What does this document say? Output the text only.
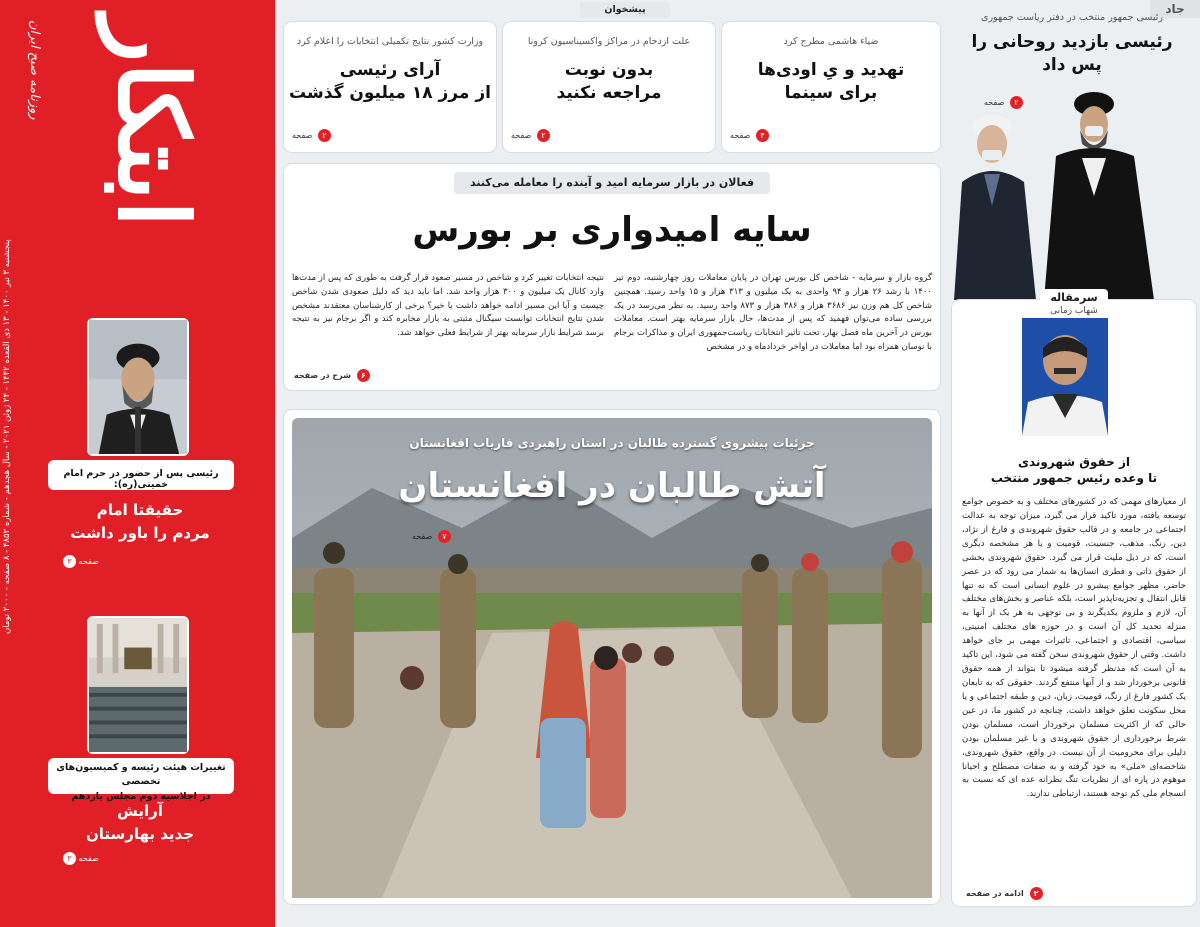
روزنامه صبح ایران ابتکار
پنجشنبه ۳ تیر ۱۴۰۰ - ۱۳ ذی القعده ۱۴۴۲ - ۲۴ ژوئن ۲۰۲۱ - سال هجدهم - شماره ۴۸۵۲ - ۸ صفحه - ۲۰۰۰ تومان
رئیسی پس از حضور در حرم امام خمینی(ره):
حقیقتا امام
مردم را باور داشت
صفحه ۲
تغییرات هیئت رئیسه و کمیسیون‌های تخصصی
در اجلاسیه دوم مجلس یازدهم
آرایش
جدید بهارستان
صفحه ۲
جاد
پیشخوان
وزارت کشور نتایج تکمیلی انتخابات را اعلام کرد
آرای رئیسی
از مرز ۱۸ میلیون گذشت
۲ صفحه
علت ازدحام در مراکز واکسیناسیون کرونا
بدون نوبت
مراجعه نکنید
۲ صفحه
ضیاء هاشمی مطرح کرد
تهدید و یِ اودی‌ها
برای سینما
۴ صفحه
رئیسی جمهور منتخب در دفتر ریاست جمهوری
رئیسی بازدید روحانی را
پس داد
۲ صفحه
فعالان در بازار سرمایه امید و آینده را معامله می‌کنند
سایه امیدواری بر بورس
گروه بازار و سرمایه - شاخص کل بورس تهران در پایان معاملات روز چهارشنبه، دوم تیر ۱۴۰۰ با رشد ۲۶ هزار و ۹۴ واحدی به یک میلیون و ۳۱۳ هزار و ۱۵ واحد رسید. همچنین شاخص کل هم وزن نیز ۳۶۸۶ هزار و ۳۸۶ هزار و ۸۷۳ واحد رسید. به نظر می‌رسد در یک بررسی ساده می‌توان فهمید که پس از مدت‌ها، حال بازار سرمایه بهتر است. معاملات بورس در آخرین ماه فصل بهار، تحت تاثیر انتخابات ریاست‌جمهوری ایران و مذاکرات برجام با نوسان همراه بود اما معاملات در اواخر خردادماه و در مشخص
نتیجه انتخابات تغییر کرد و شاخص در مسیر صعود قرار گرفت به طوری که پس از مدت‌ها وارد کانال یک میلیون و ۳۰۰ هزار واحد شد. اما باید دید که دلیل صعودی شدن شاخص چیست و آیا این مسیر ادامه خواهد داشت یا خیر؟ برخی از کارشناسان معتقدند مشخص شدن نتایج انتخابات توانست سیگنال مثبتی به بازار مخابره کند و اگر برجام نیز به نتیجه برسد شرایط بازار سرمایه بهتر از شرایط فعلی خواهد شد.
۶ شرح در صفحه
جزئیات پیشروی گسترده طالبان در استان راهبردی فاریاب افغانستان
آتش طالبان در افغانستان
۷ صفحه
سرمقاله
شهاب زمانی
از حقوق شهروندی
تا وعده رئیس جمهور منتخب
از معیارهای مهمی که در کشورهای مختلف و به خصوص جوامع توسعه یافته، مورد تاکید قرار می گیرد، میزان توجه به عدالت اجتماعی در جامعه و در قالب حقوق شهروندی و فارغ از نژاد، دین، رنگ، مذهب، جنسیت، قومیت و یا هر مشخصه دیگری است، که در ذیل ملیت قرار می گیرد. حقوق شهروندی بخشی از حقوق ذاتی و فطری انسان‌ها به شمار می رود که در عصر حاضر، مظهر جوامع پیشرو در علوم انسانی است که نه تنها قابل انتقال و تجزیه‌ناپذیر است، بلکه عناصر و بخش‌های مختلف آن، لازم و ملزوم یکدیگرند و بی توجهی به هر یک از آنها به منزله تحدید کل آن است و در حوزه های مختلف امنیتی، سیاسی، اقتصادی و اجتماعی، تاثیرات مهمی بر جای خواهد داشت. وقتی از حقوق شهروندی سخن گفته می شود، این تاکید به آن است که مدنظر گرفته میشود تا بتواند از همه حقوق قانونی برخوردار شد و از آنها منتفع گردند. حقوقی که به تابعان یک کشور فارغ از رنگ، قومیت، زبان، دین و طبقه اجتماعی و یا محل سکونت تعلق خواهد داشت. چنانچه در کشور ما، در عین حالی که از اکثریت مسلمان برخوردار است، مسلمان بودن شرط برخورداری از حقوق شهروندی و یا غیر مسلمان بودن دلیلی برای محرومیت از آن نیست. در واقع، حقوق شهروندی، شاخصه‌ای «ملی» به خود گرفته و به صفات مصطلح و احیانا موهوم در پاره ای از نظریات تنگ نظرانه عده ای که نسبت به انسجام ملی کم توجه هستند، ارتباطی ندارند.
۲ ادامه در صفحه
